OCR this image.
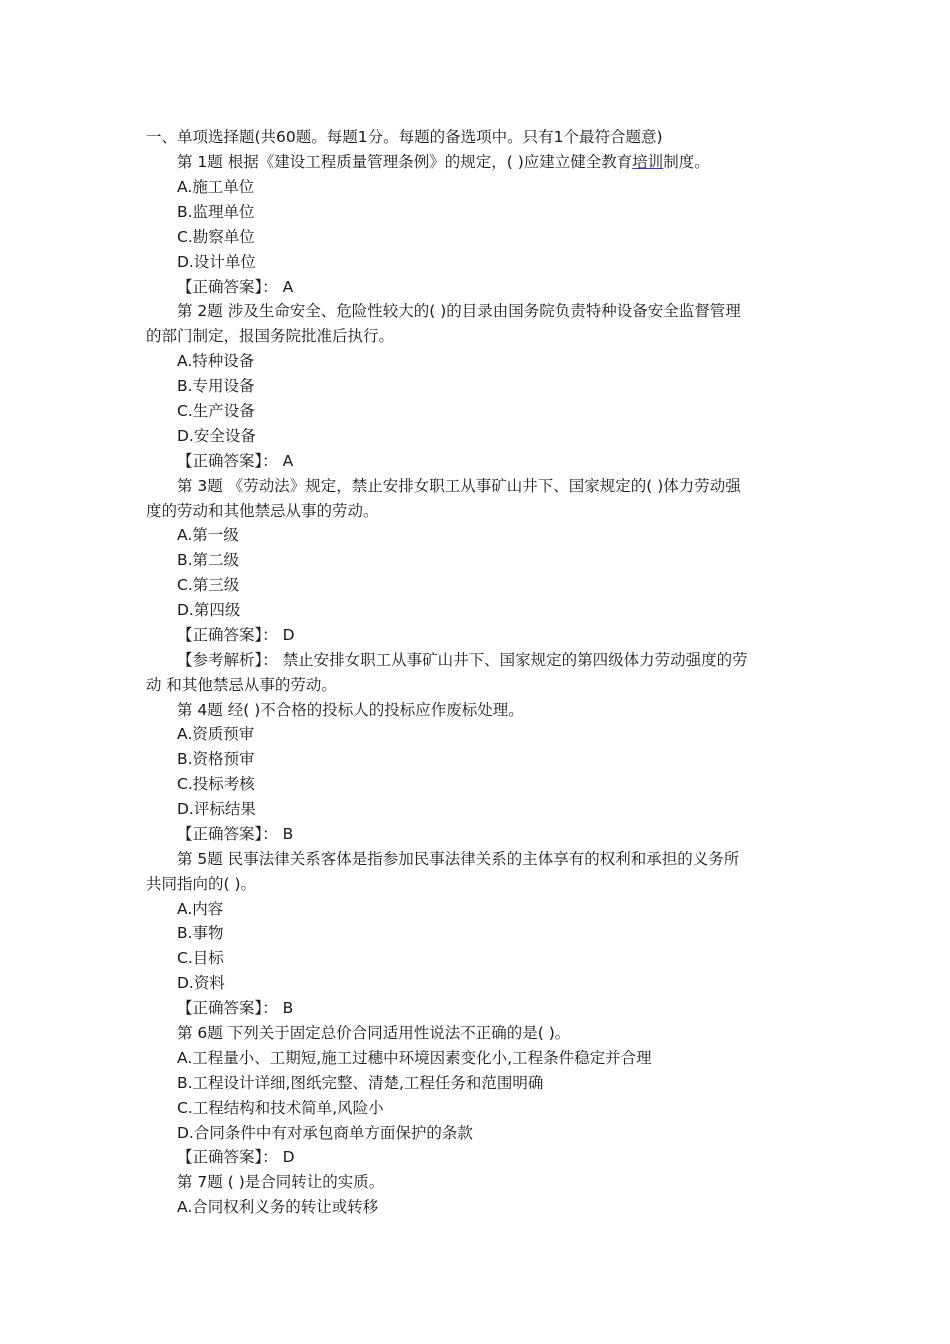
一、单项选择题(共60题。每题1分。每题的备选项中。只有1个最符合题意)
第 1题 根据《建设工程质量管理条例》的规定，( )应建立健全教育培训制度。
A.施工单位
B.监理单位
C.勘察单位
D.设计单位
【正确答案】： A
第 2题 涉及生命安全、危险性较大的( )的目录由国务院负责特种设备安全监督管理
的部门制定，报国务院批准后执行。
A.特种设备
B.专用设备
C.生产设备
D.安全设备
【正确答案】： A
第 3题 《劳动法》规定，禁止安排女职工从事矿山井下、国家规定的( )体力劳动强
度的劳动和其他禁忌从事的劳动。
A.第一级
B.第二级
C.第三级
D.第四级
【正确答案】： D
【参考解析】： 禁止安排女职工从事矿山井下、国家规定的第四级体力劳动强度的劳
动 和其他禁忌从事的劳动。
第 4题 经( )不合格的投标人的投标应作废标处理。
A.资质预审
B.资格预审
C.投标考核
D.评标结果
【正确答案】： B
第 5题 民事法律关系客体是指参加民事法律关系的主体享有的权利和承担的义务所
共同指向的( )。
A.内容
B.事物
C.目标
D.资料
【正确答案】： B
第 6题 下列关于固定总价合同适用性说法不正确的是( )。
A.工程量小、工期短,施工过穗中环境因素变化小,工程条件稳定并合理
B.工程设计详细,图纸完整、清楚,工程任务和范围明确
C.工程结构和技术简单,风险小
D.合同条件中有对承包商单方面保护的条款
【正确答案】： D
第 7题 ( )是合同转让的实质。
A.合同权利义务的转让或转移
